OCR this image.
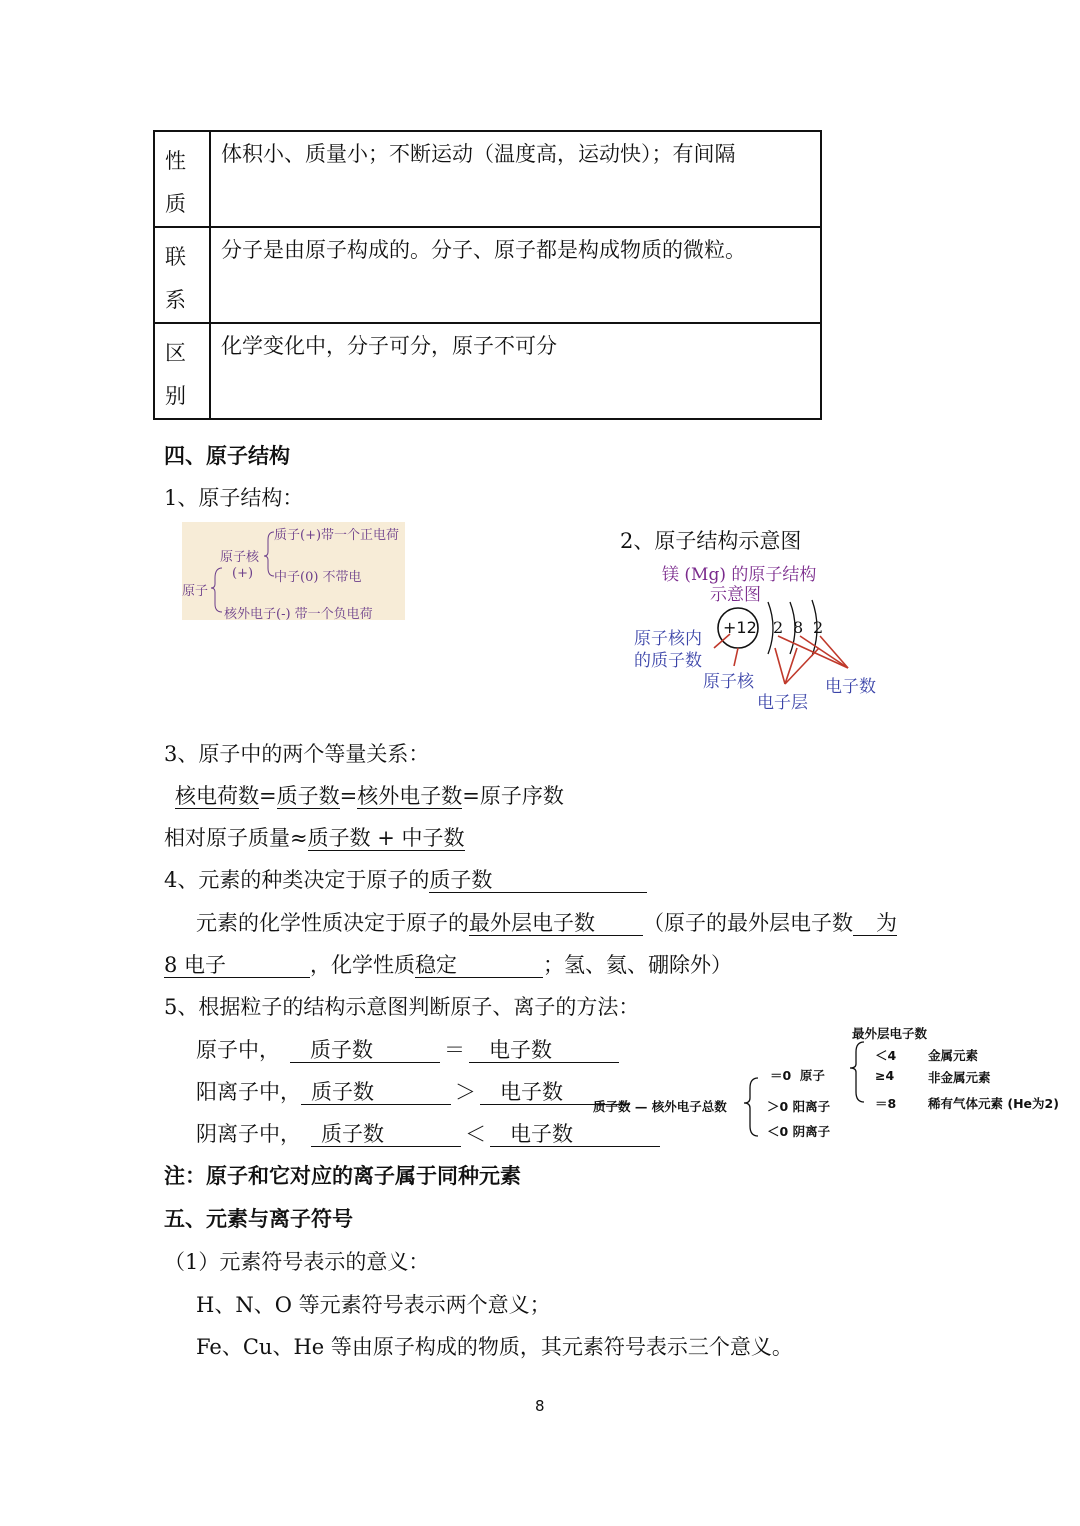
性质	体积小、质量小；不断运动（温度高，运动快）；有间隔

联系	分子是由原子构成的。分子、原子都是构成物质的微粒。

区别	化学变化中，分子可分，原子不可分
四、原子结构
1、原子结构：
原子
原子核
(+)
质子(+)带一个正电荷
中子(0) 不带电
核外电子(-) 带一个负电荷
2、原子结构示意图
镁 (Mg) 的原子结构
示意图
+12 2 8 2
原子核内
的质子数
原子核
电子层
电子数
3、原子中的两个等量关系：
核电荷数=质子数=核外电子数=原子序数
相对原子质量≈质子数 + 中子数
4、元素的种类决定于原子的质子数
元素的化学性质决定于原子的最外层电子数 （原子的最外层电子数 为
8 电子	，化学性质稳定	；氢、氦、硼除外）
5、根据粒子的结构示意图判断原子、离子的方法：
原子中， 质子数	＝ 电子数
阳离子中， 质子数	＞ 电子数
阴离子中， 质子数	＜ 电子数
最外层电子数
质子数 — 核外电子总数
＝0 原子
＞0 阳离子
＜0 阴离子
＜4	金属元素
≥4	非金属元素
＝8	稀有气体元素 (He为2)
注：原子和它对应的离子属于同种元素
五、元素与离子符号
（1）元素符号表示的意义：
H、N、O 等元素符号表示两个意义；
Fe、Cu、He 等由原子构成的物质，其元素符号表示三个意义。
8
